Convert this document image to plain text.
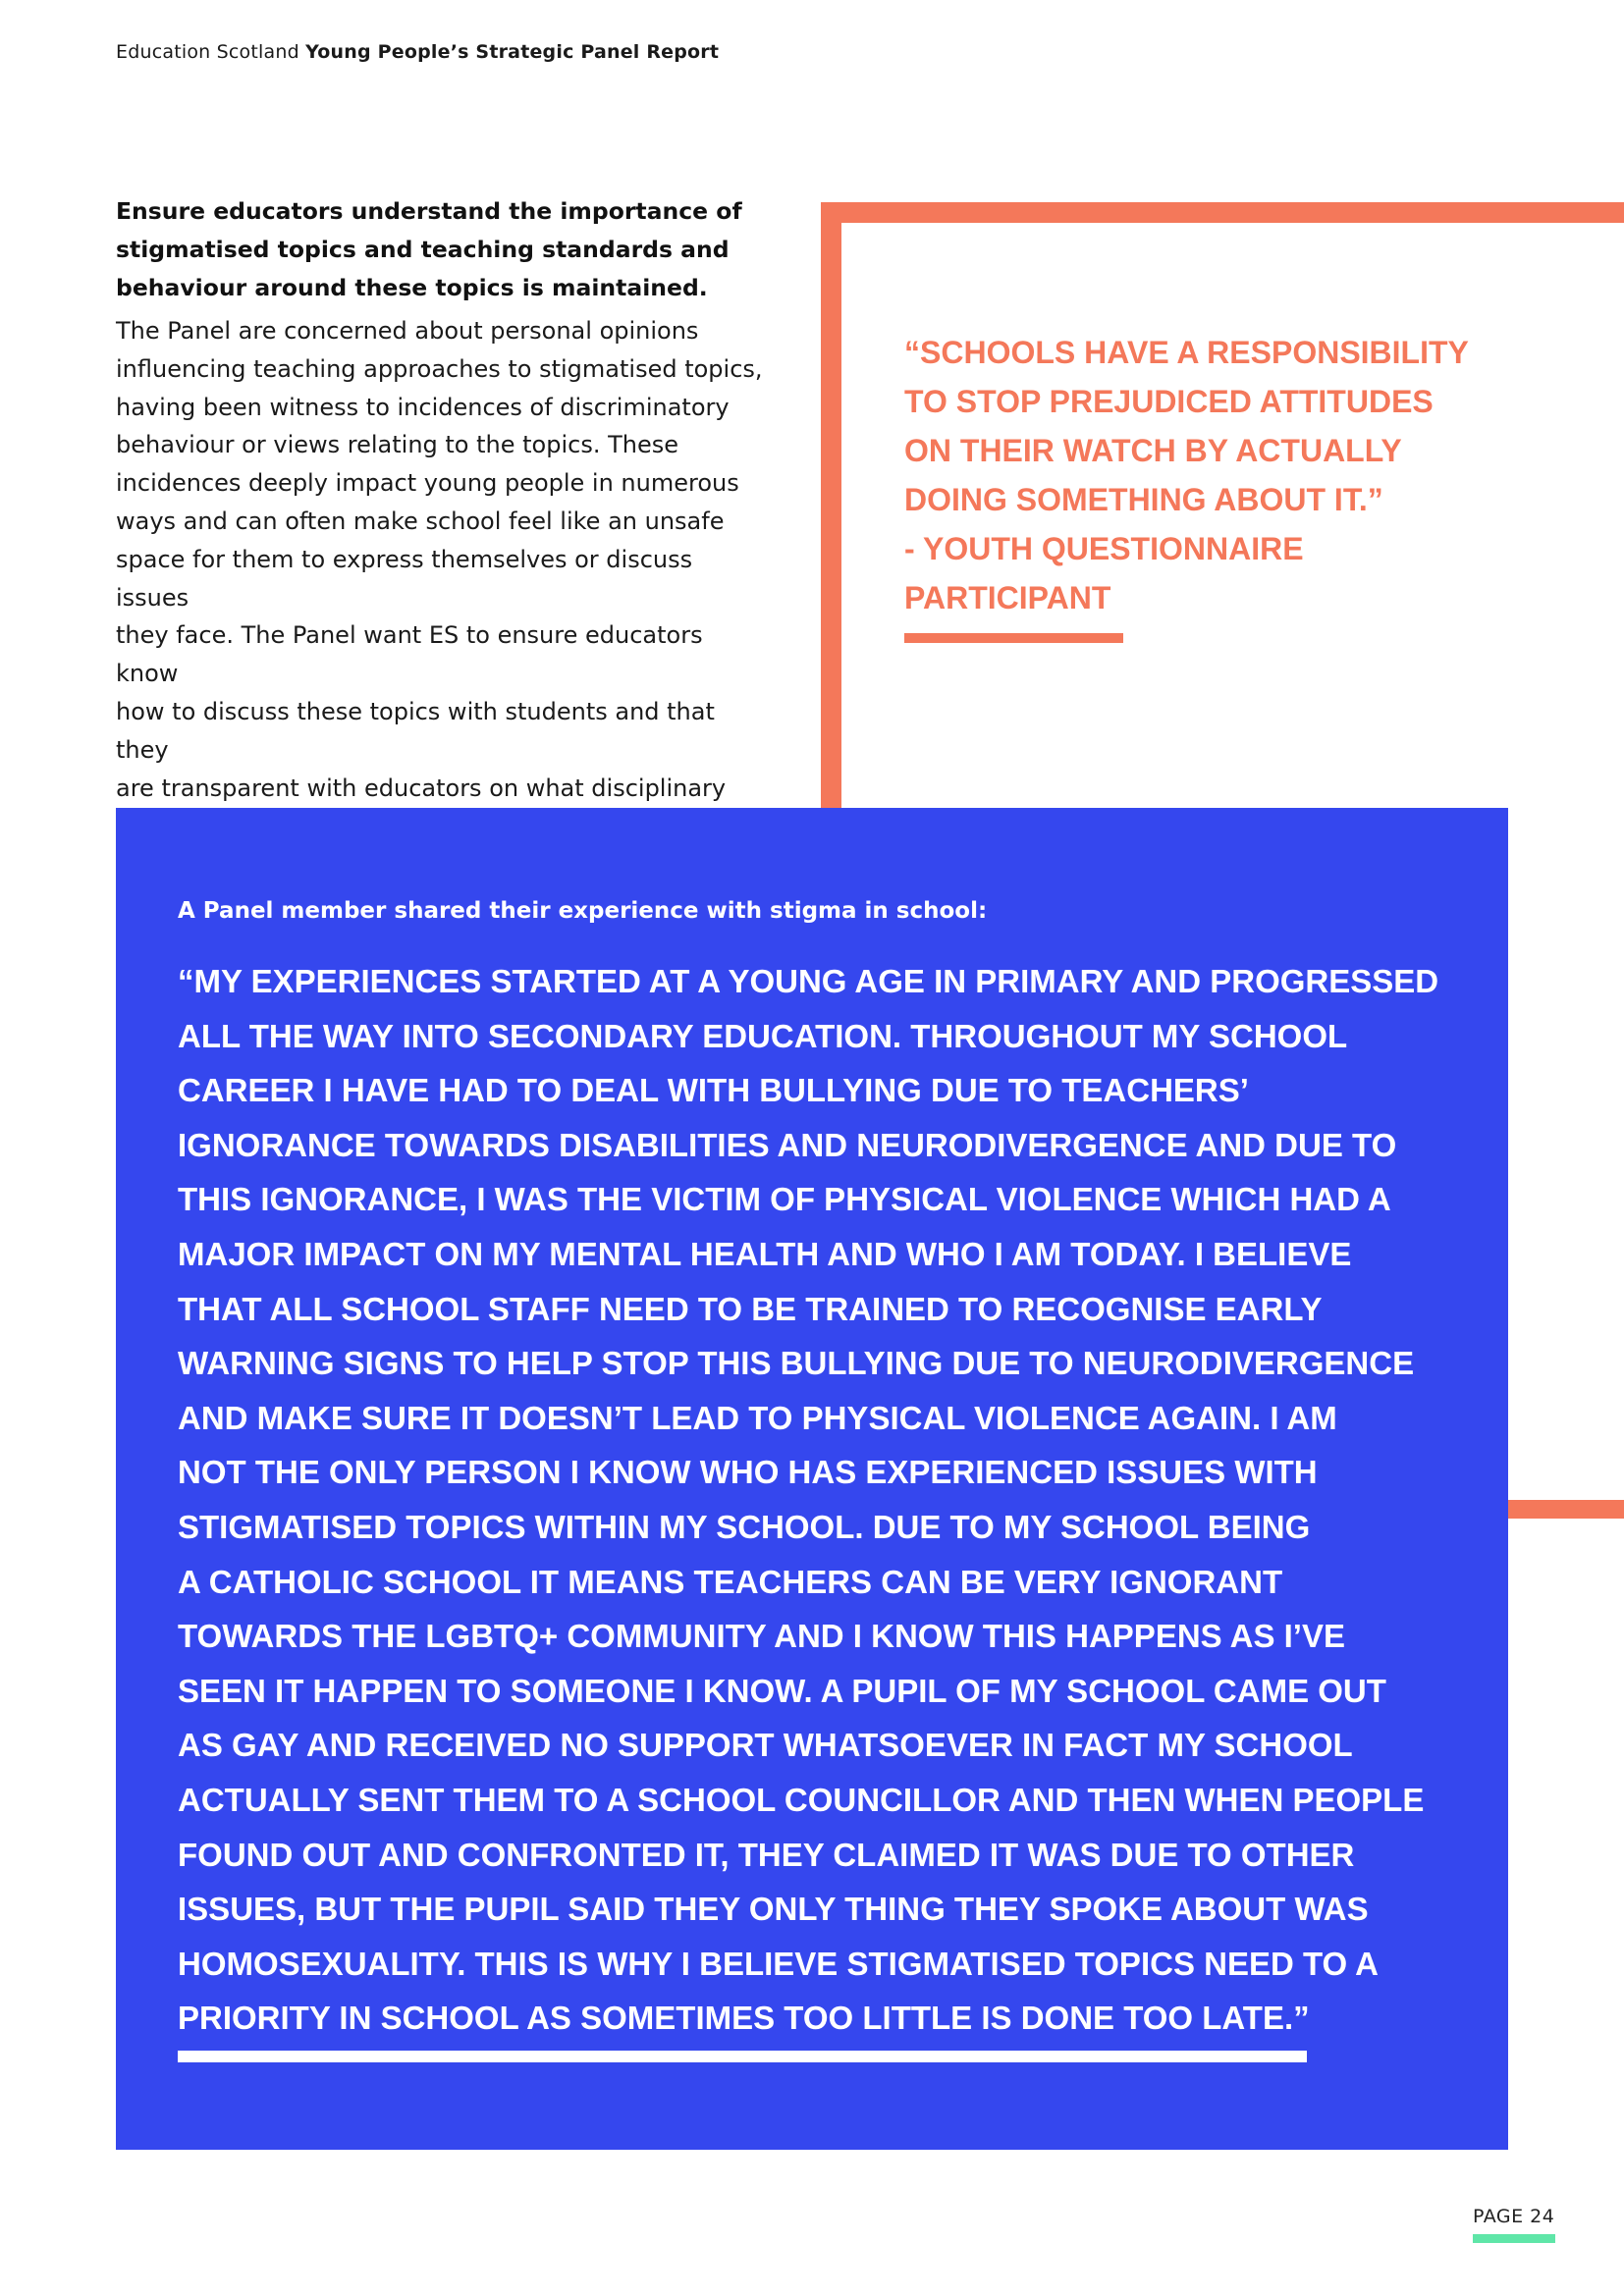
Education Scotland Young People’s Strategic Panel Report
Ensure educators understand the importance of stigmatised topics and teaching standards and behaviour around these topics is maintained.

The Panel are concerned about personal opinions
influencing teaching approaches to stigmatised topics,
having been witness to incidences of discriminatory
behaviour or views relating to the topics. These
incidences deeply impact young people in numerous
ways and can often make school feel like an unsafe
space for them to express themselves or discuss issues
they face. The Panel want ES to ensure educators know
how to discuss these topics with students and that they
are transparent with educators on what disciplinary

“SCHOOLS HAVE A RESPONSIBILITY
TO STOP PREJUDICED ATTITUDES
ON THEIR WATCH BY ACTUALLY
DOING SOMETHING ABOUT IT.”
- YOUTH QUESTIONNAIRE
PARTICIPANT

A Panel member shared their experience with stigma in school:

“MY EXPERIENCES STARTED AT A YOUNG AGE IN PRIMARY AND PROGRESSED
ALL THE WAY INTO SECONDARY EDUCATION. THROUGHOUT MY SCHOOL
CAREER I HAVE HAD TO DEAL WITH BULLYING DUE TO TEACHERS’
IGNORANCE TOWARDS DISABILITIES AND NEURODIVERGENCE AND DUE TO
THIS IGNORANCE, I WAS THE VICTIM OF PHYSICAL VIOLENCE WHICH HAD A
MAJOR IMPACT ON MY MENTAL HEALTH AND WHO I AM TODAY. I BELIEVE
THAT ALL SCHOOL STAFF NEED TO BE TRAINED TO RECOGNISE EARLY
WARNING SIGNS TO HELP STOP THIS BULLYING DUE TO NEURODIVERGENCE
AND MAKE SURE IT DOESN’T LEAD TO PHYSICAL VIOLENCE AGAIN. I AM
NOT THE ONLY PERSON I KNOW WHO HAS EXPERIENCED ISSUES WITH
STIGMATISED TOPICS WITHIN MY SCHOOL. DUE TO MY SCHOOL BEING
A CATHOLIC SCHOOL IT MEANS TEACHERS CAN BE VERY IGNORANT
TOWARDS THE LGBTQ+ COMMUNITY AND I KNOW THIS HAPPENS AS I’VE
SEEN IT HAPPEN TO SOMEONE I KNOW. A PUPIL OF MY SCHOOL CAME OUT
AS GAY AND RECEIVED NO SUPPORT WHATSOEVER IN FACT MY SCHOOL
ACTUALLY SENT THEM TO A SCHOOL COUNCILLOR AND THEN WHEN PEOPLE
FOUND OUT AND CONFRONTED IT, THEY CLAIMED IT WAS DUE TO OTHER
ISSUES, BUT THE PUPIL SAID THEY ONLY THING THEY SPOKE ABOUT WAS
HOMOSEXUALITY. THIS IS WHY I BELIEVE STIGMATISED TOPICS NEED TO A
PRIORITY IN SCHOOL AS SOMETIMES TOO LITTLE IS DONE TOO LATE.”
PAGE 24
